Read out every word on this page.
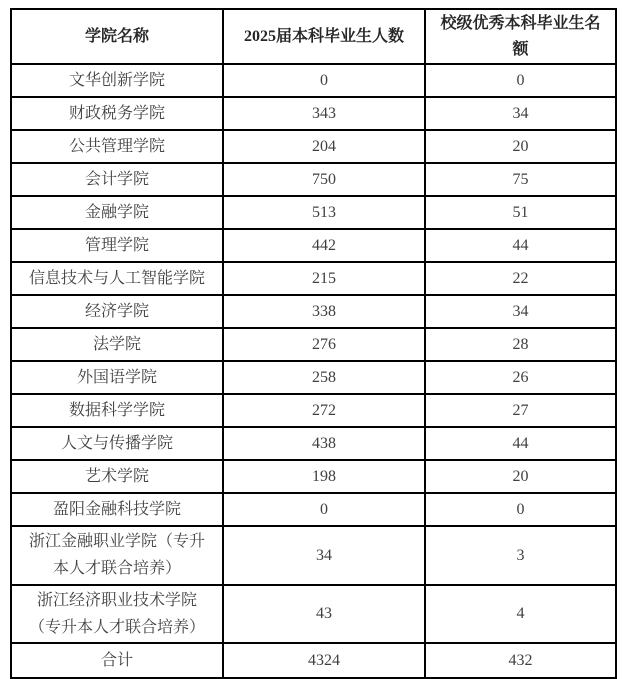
学院名称	2025届本科毕业生人数	校级优秀本科毕业生名额
文华创新学院	0	0
财政税务学院	343	34
公共管理学院	204	20
会计学院	750	75
金融学院	513	51
管理学院	442	44
信息技术与人工智能学院	215	22
经济学院	338	34
法学院	276	28
外国语学院	258	26
数据科学学院	272	27
人文与传播学院	438	44
艺术学院	198	20
盈阳金融科技学院	0	0
浙江金融职业学院（专升本人才联合培养）	34	3
浙江经济职业技术学院（专升本人才联合培养）	43	4
合计	4324	432
